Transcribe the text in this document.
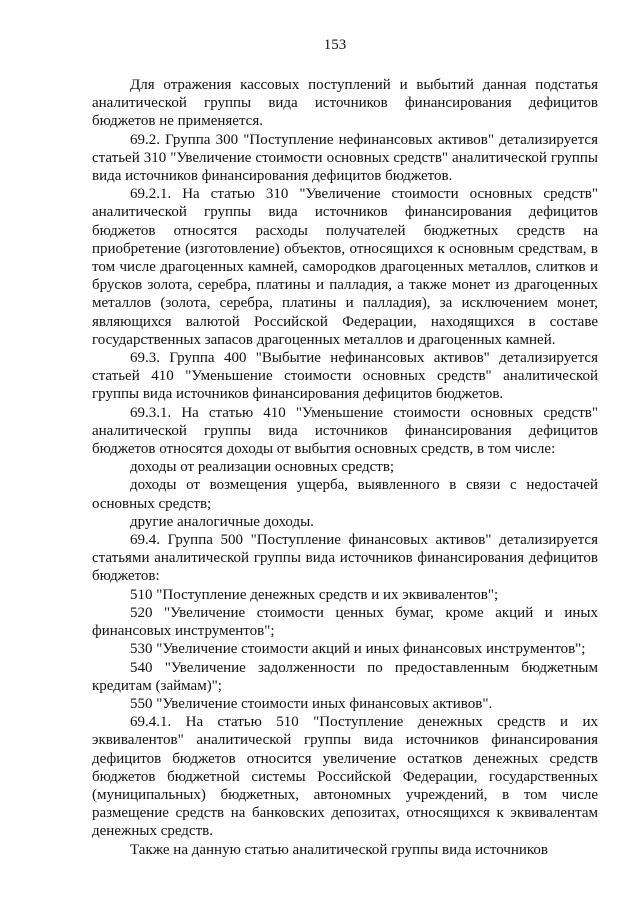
153

Для отражения кассовых поступлений и выбытий данная подстатья аналитической группы вида источников финансирования дефицитов бюджетов не применяется.

69.2. Группа 300 "Поступление нефинансовых активов" детализируется статьей 310 "Увеличение стоимости основных средств" аналитической группы вида источников финансирования дефицитов бюджетов.

69.2.1. На статью 310 "Увеличение стоимости основных средств" аналитической группы вида источников финансирования дефицитов бюджетов относятся расходы получателей бюджетных средств на приобретение (изготовление) объектов, относящихся к основным средствам, в том числе драгоценных камней, самородков драгоценных металлов, слитков и брусков золота, серебра, платины и палладия, а также монет из драгоценных металлов (золота, серебра, платины и палладия), за исключением монет, являющихся валютой Российской Федерации, находящихся в составе государственных запасов драгоценных металлов и драгоценных камней.

69.3. Группа 400 "Выбытие нефинансовых активов" детализируется статьей 410 "Уменьшение стоимости основных средств" аналитической группы вида источников финансирования дефицитов бюджетов.

69.3.1. На статью 410 "Уменьшение стоимости основных средств" аналитической группы вида источников финансирования дефицитов бюджетов относятся доходы от выбытия основных средств, в том числе:

доходы от реализации основных средств;

доходы от возмещения ущерба, выявленного в связи с недостачей основных средств;

другие аналогичные доходы.

69.4. Группа 500 "Поступление финансовых активов" детализируется статьями аналитической группы вида источников финансирования дефицитов бюджетов:

510 "Поступление денежных средств и их эквивалентов";

520 "Увеличение стоимости ценных бумаг, кроме акций и иных финансовых инструментов";

530 "Увеличение стоимости акций и иных финансовых инструментов";

540 "Увеличение задолженности по предоставленным бюджетным кредитам (займам)";

550 "Увеличение стоимости иных финансовых активов".

69.4.1. На статью 510 "Поступление денежных средств и их эквивалентов" аналитической группы вида источников финансирования дефицитов бюджетов относится увеличение остатков денежных средств бюджетов бюджетной системы Российской Федерации, государственных (муниципальных) бюджетных, автономных учреждений, в том числе размещение средств на банковских депозитах, относящихся к эквивалентам денежных средств.

Также на данную статью аналитической группы вида источников
